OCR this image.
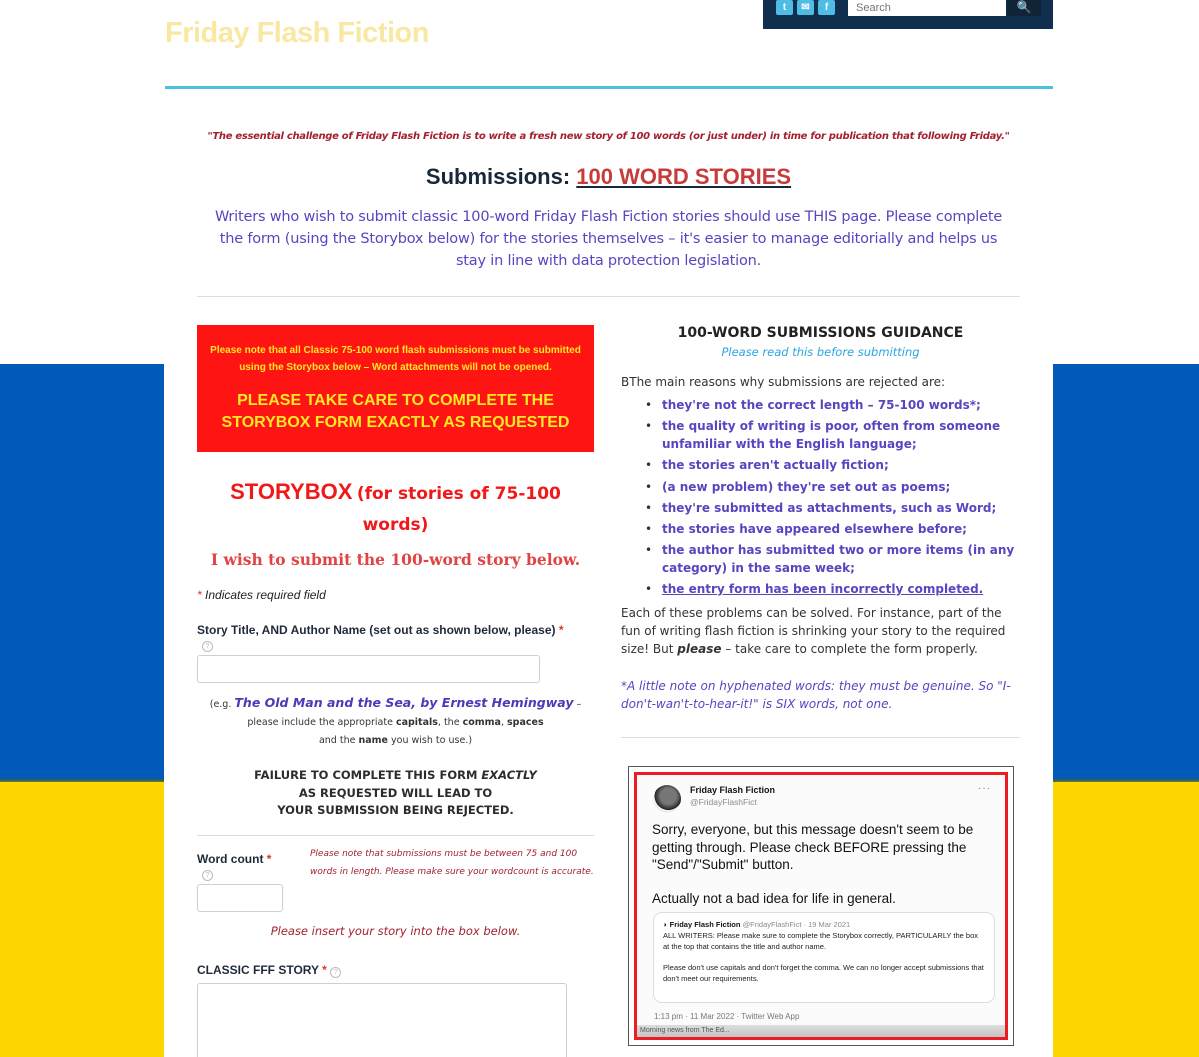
Friday Flash Fiction
t	✉	f
Search	🔍
"The essential challenge of Friday Flash Fiction is to write a fresh new story of 100 words (or just under) in time for publication that following Friday."
Submissions: 100 WORD STORIES
Writers who wish to submit classic 100-word Friday Flash Fiction stories should use THIS page. Please complete the form (using the Storybox below) for the stories themselves – it's easier to manage editorially and helps us stay in line with data protection legislation.
Please note that all Classic 75-100 word flash submissions must be submitted using the Storybox below – Word attachments will not be opened.
PLEASE TAKE CARE TO COMPLETE THE STORYBOX FORM EXACTLY AS REQUESTED
STORYBOX (for stories of 75-100 words)
I wish to submit the 100-word story below.
* Indicates required field
Story Title, AND Author Name (set out as shown below, please) *
?
(e.g. The Old Man and the Sea, by Ernest Hemingway – please include the appropriate capitals, the comma, spaces
and the name you wish to use.)
FAILURE TO COMPLETE THIS FORM EXACTLY
AS REQUESTED WILL LEAD TO
YOUR SUBMISSION BEING REJECTED.
Word count *
?
Please note that submissions must be between 75 and 100 words in length. Please make sure your wordcount is accurate.
Please insert your story into the box below.
CLASSIC FFF STORY * ?
100-WORD SUBMISSIONS GUIDANCE
Please read this before submitting
BThe main reasons why submissions are rejected are:
• they're not the correct length – 75-100 words*;
• the quality of writing is poor, often from someone unfamiliar with the English language;
• the stories aren't actually fiction;
• (a new problem) they're set out as poems;
• they're submitted as attachments, such as Word;
• the stories have appeared elsewhere before;
• the author has submitted two or more items (in any category) in the same week;
• the entry form has been incorrectly completed.
Each of these problems can be solved. For instance, part of the fun of writing flash fiction is shrinking your story to the required size! But please – take care to complete the form properly.
*A little note on hyphenated words: they must be genuine. So "I-don't-wan't-to-hear-it!" is SIX words, not one.
Friday Flash Fiction
@FridayFlashFict
···
Sorry, everyone, but this message doesn't seem to be getting through. Please check BEFORE pressing the "Send"/"Submit" button.
Actually not a bad idea for life in general.
◗ Friday Flash Fiction @FridayFlashFict · 19 Mar 2021
ALL WRITERS: Please make sure to complete the Storybox correctly, PARTICULARLY the box at the top that contains the title and author name.
Please don't use capitals and don't forget the comma. We can no longer accept submissions that don't meet our requirements.
1:13 pm · 11 Mar 2022 · Twitter Web App
Morning news from The Ed...
